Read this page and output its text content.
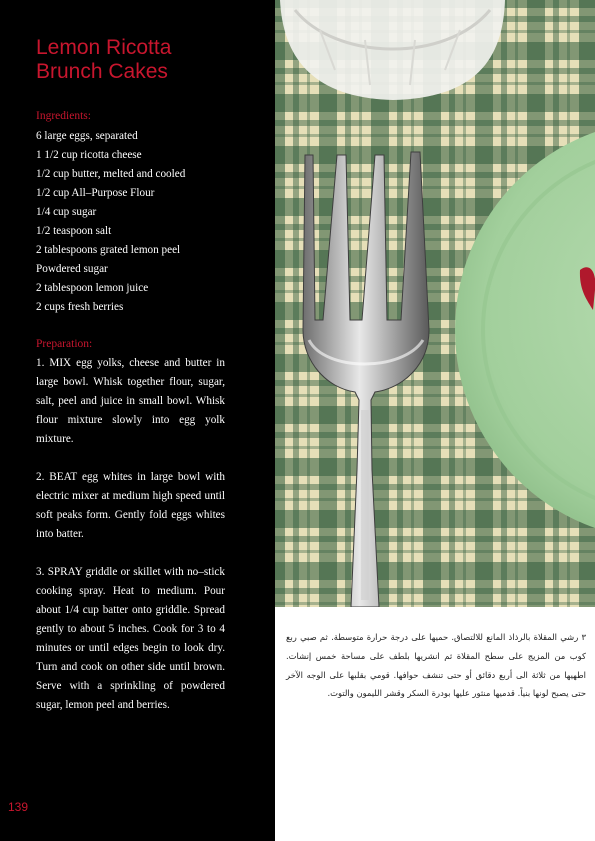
Lemon Ricotta
Brunch Cakes
Ingredients:
6 large eggs, separated
1 1/2 cup ricotta cheese
1/2 cup butter, melted and cooled
1/2 cup All–Purpose Flour
1/4 cup sugar
1/2 teaspoon salt
2 tablespoons grated lemon peel
Powdered sugar
2 tablespoon lemon juice
2 cups fresh berries
Preparation:

1. MIX egg yolks, cheese and butter in large bowl. Whisk together flour, sugar, salt, peel and juice in small bowl. Whisk flour mixture slowly into egg yolk mixture.

2. BEAT egg whites in large bowl with electric mixer at medium high speed until soft peaks form. Gently fold eggs whites into batter.

3. SPRAY griddle or skillet with no–stick cooking spray. Heat to medium. Pour about 1/4 cup batter onto griddle. Spread gently to about 5 inches. Cook for 3 to 4 minutes or until edges begin to look dry. Turn and cook on other side until brown. Serve with a sprinkling of powdered sugar, lemon peel and berries.

139

٣ رشي المقلاة بالرذاذ المانع للالتصاق. حميها على درجة حرارة متوسطة. ثم صبي ربع كوب من المزيج على سطح المقلاة ثم انشريها بلطف على مساحة خمس إنشات. اطهيها من ثلاثة الى أربع دقائق أو حتى تنشف حوافها. قومي بقلبها على الوجه الآخر حتى يصبح لونها بنياً. قدميها منثور عليها بودرة السكر وقشر الليمون والتوت.
